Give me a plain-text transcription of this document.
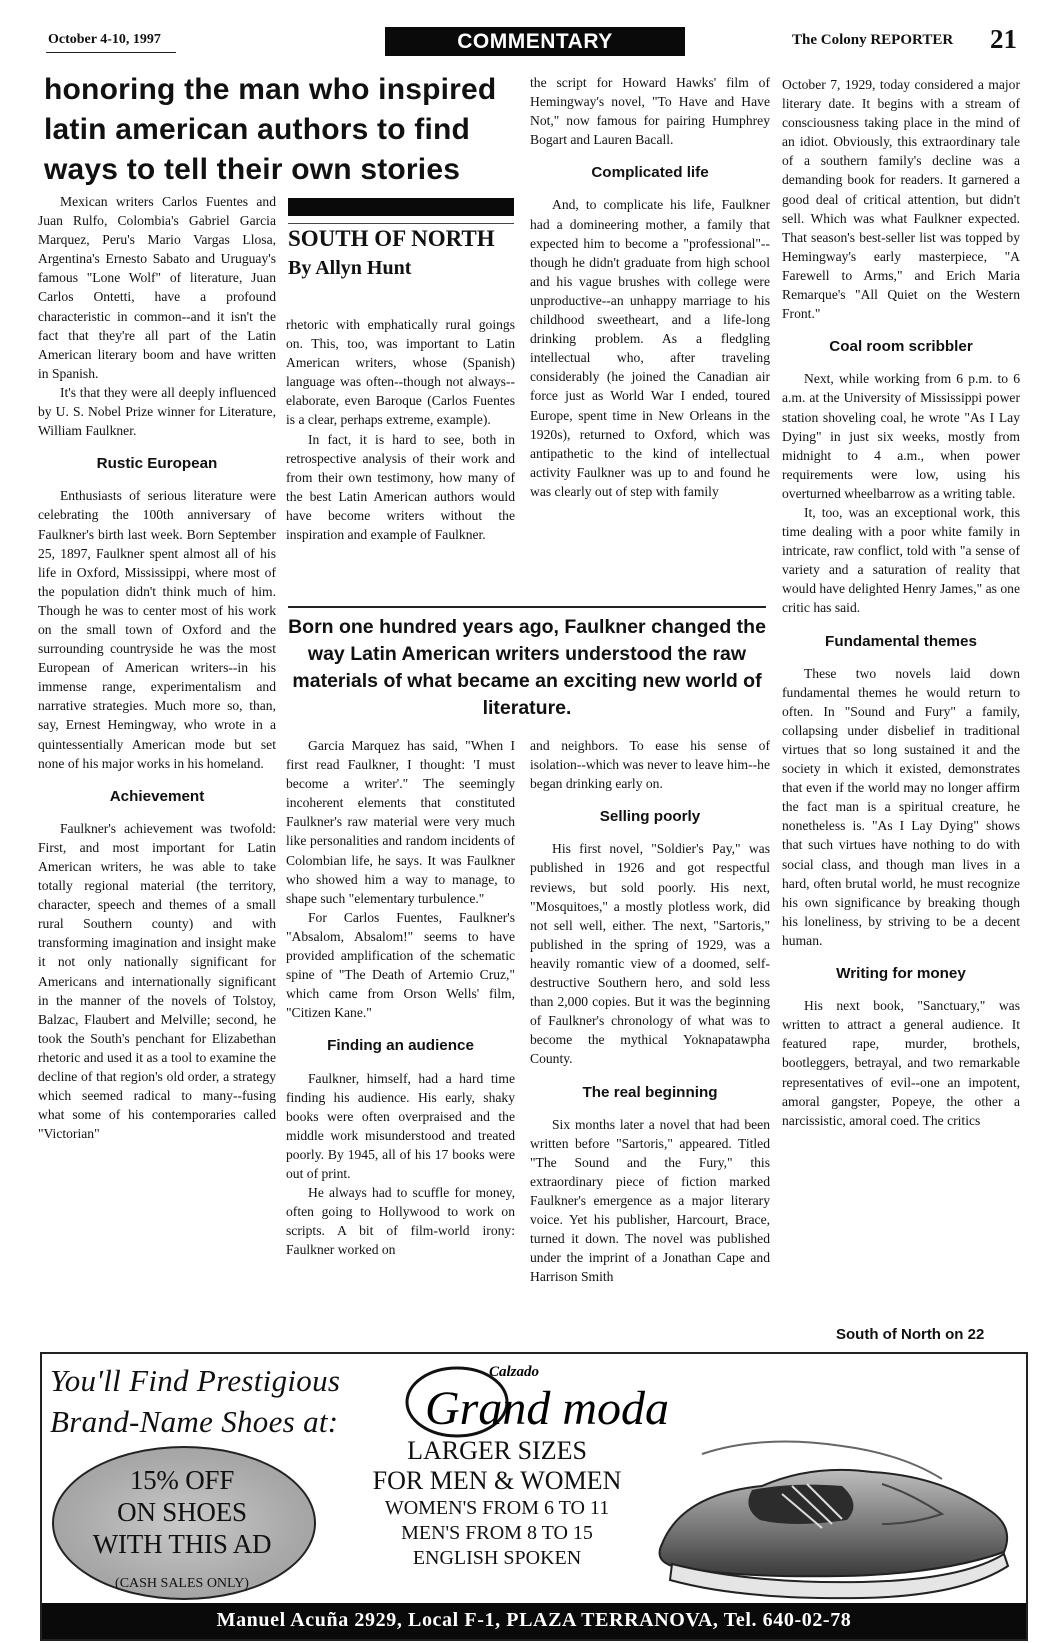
October 4-10, 1997	COMMENTARY	The Colony REPORTER 21
honoring the man who inspired latin american authors to find ways to tell their own stories

Mexican writers Carlos Fuentes and Juan Rulfo, Colombia's Gabriel Garcia Marquez, Peru's Mario Vargas Llosa, Argentina's Ernesto Sabato and Uruguay's famous "Lone Wolf" of literature, Juan Carlos Ontetti, have a profound characteristic in common--and it isn't the fact that they're all part of the Latin American literary boom and have written in Spanish.

It's that they were all deeply influenced by U. S. Nobel Prize winner for Literature, William Faulkner.

Rustic European

Enthusiasts of serious literature were celebrating the 100th anniversary of Faulkner's birth last week. Born September 25, 1897, Faulkner spent almost all of his life in Oxford, Mississippi, where most of the population didn't think much of him. Though he was to center most of his work on the small town of Oxford and the surrounding countryside he was the most European of American writers--in his immense range, experimentalism and narrative strategies. Much more so, than, say, Ernest Hemingway, who wrote in a quintessentially American mode but set none of his major works in his homeland.

Achievement

Faulkner's achievement was twofold: First, and most important for Latin American writers, he was able to take totally regional material (the territory, character, speech and themes of a small rural Southern county) and with transforming imagination and insight make it not only nationally significant for Americans and internationally significant in the manner of the novels of Tolstoy, Balzac, Flaubert and Melville; second, he took the South's penchant for Elizabethan rhetoric and used it as a tool to examine the decline of that region's old order, a strategy which seemed radical to many--fusing what some of his contemporaries called "Victorian"

SOUTH OF NORTH
By Allyn Hunt

rhetoric with emphatically rural goings on. This, too, was important to Latin American writers, whose (Spanish) language was often--though not always--elaborate, even Baroque (Carlos Fuentes is a clear, perhaps extreme, example).

In fact, it is hard to see, both in retrospective analysis of their work and from their own testimony, how many of the best Latin American authors would have become writers without the inspiration and example of Faulkner.

the script for Howard Hawks' film of Hemingway's novel, "To Have and Have Not," now famous for pairing Humphrey Bogart and Lauren Bacall.

Complicated life

And, to complicate his life, Faulkner had a domineering mother, a family that expected him to become a "professional"--though he didn't graduate from high school and his vague brushes with college were unproductive--an unhappy marriage to his childhood sweetheart, and a life-long drinking problem. As a fledgling intellectual who, after traveling considerably (he joined the Canadian air force just as World War I ended, toured Europe, spent time in New Orleans in the 1920s), returned to Oxford, which was antipathetic to the kind of intellectual activity Faulkner was up to and found he was clearly out of step with family

Born one hundred years ago, Faulkner changed the way Latin American writers understood the raw materials of what became an exciting new world of literature.

Garcia Marquez has said, "When I first read Faulkner, I thought: 'I must become a writer'." The seemingly incoherent elements that constituted Faulkner's raw material were very much like personalities and random incidents of Colombian life, he says. It was Faulkner who showed him a way to manage, to shape such "elementary turbulence."

For Carlos Fuentes, Faulkner's "Absalom, Absalom!" seems to have provided amplification of the schematic spine of "The Death of Artemio Cruz," which came from Orson Wells' film, "Citizen Kane."

Finding an audience

Faulkner, himself, had a hard time finding his audience. His early, shaky books were often overpraised and the middle work misunderstood and treated poorly. By 1945, all of his 17 books were out of print.

He always had to scuffle for money, often going to Hollywood to work on scripts. A bit of film-world irony: Faulkner worked on

and neighbors. To ease his sense of isolation--which was never to leave him--he began drinking early on.

Selling poorly

His first novel, "Soldier's Pay," was published in 1926 and got respectful reviews, but sold poorly. His next, "Mosquitoes," a mostly plotless work, did not sell well, either. The next, "Sartoris," published in the spring of 1929, was a heavily romantic view of a doomed, self-destructive Southern hero, and sold less than 2,000 copies. But it was the beginning of Faulkner's chronology of what was to become the mythical Yoknapatawpha County.

The real beginning

Six months later a novel that had been written before "Sartoris," appeared. Titled "The Sound and the Fury," this extraordinary piece of fiction marked Faulkner's emergence as a major literary voice. Yet his publisher, Harcourt, Brace, turned it down. The novel was published under the imprint of a Jonathan Cape and Harrison Smith

October 7, 1929, today considered a major literary date. It begins with a stream of consciousness taking place in the mind of an idiot. Obviously, this extraordinary tale of a southern family's decline was a demanding book for readers. It garnered a good deal of critical attention, but didn't sell. Which was what Faulkner expected. That season's best-seller list was topped by Hemingway's early masterpiece, "A Farewell to Arms," and Erich Maria Remarque's "All Quiet on the Western Front."

Coal room scribbler

Next, while working from 6 p.m. to 6 a.m. at the University of Mississippi power station shoveling coal, he wrote "As I Lay Dying" in just six weeks, mostly from midnight to 4 a.m., when power requirements were low, using his overturned wheelbarrow as a writing table.

It, too, was an exceptional work, this time dealing with a poor white family in intricate, raw conflict, told with "a sense of variety and a saturation of reality that would have delighted Henry James," as one critic has said.

Fundamental themes

These two novels laid down fundamental themes he would return to often. In "Sound and Fury" a family, collapsing under disbelief in traditional virtues that so long sustained it and the society in which it existed, demonstrates that even if the world may no longer affirm the fact man is a spiritual creature, he nonetheless is. "As I Lay Dying" shows that such virtues have nothing to do with social class, and though man lives in a hard, often brutal world, he must recognize his own significance by breaking though his loneliness, by striving to be a decent human.

Writing for money

His next book, "Sanctuary," was written to attract a general audience. It featured rape, murder, brothels, bootleggers, betrayal, and two remarkable representatives of evil--one an impotent, amoral gangster, Popeye, the other a narcissistic, amoral coed. The critics

South of North on 22
You'll Find Prestigious Brand-Name Shoes at:
Calzado
Grand moda
15% OFF
ON SHOES
WITH THIS AD
(CASH SALES ONLY)
LARGER SIZES
FOR MEN & WOMEN
WOMEN'S FROM 6 TO 11
MEN'S FROM 8 TO 15
ENGLISH SPOKEN
Manuel Acuña 2929, Local F-1, PLAZA TERRANOVA, Tel. 640-02-78
